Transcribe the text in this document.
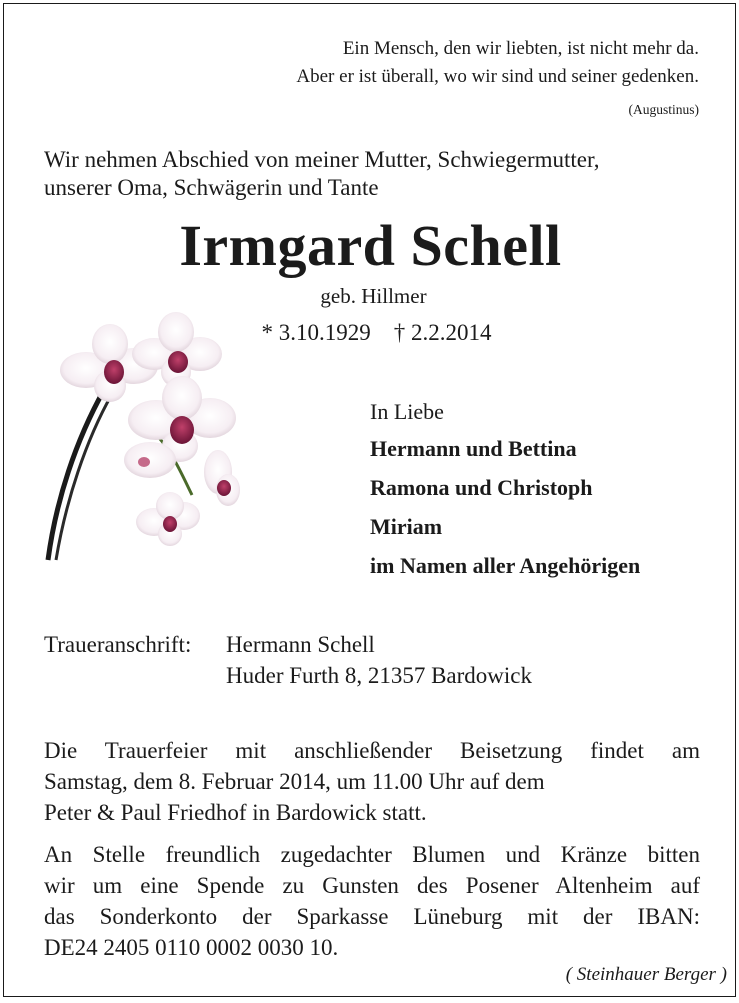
Ein Mensch, den wir liebten, ist nicht mehr da.
Aber er ist überall, wo wir sind und seiner gedenken.
(Augustinus)
Wir nehmen Abschied von meiner Mutter, Schwiegermutter,
unserer Oma, Schwägerin und Tante
Irmgard Schell
geb. Hillmer
* 3.10.1929    † 2.2.2014
In Liebe
Hermann und Bettina
Ramona und Christoph
Miriam
im Namen aller Angehörigen
Traueranschrift: Hermann Schell
Huder Furth 8, 21357 Bardowick
Die Trauerfeier mit anschließender Beisetzung findet am
Samstag, dem 8. Februar 2014, um 11.00 Uhr auf dem
Peter & Paul Friedhof in Bardowick statt.
An Stelle freundlich zugedachter Blumen und Kränze bitten
wir um eine Spende zu Gunsten des Posener Altenheim auf
das Sonderkonto der Sparkasse Lüneburg mit der IBAN:
DE24 2405 0110 0002 0030 10.
( Steinhauer Berger )
